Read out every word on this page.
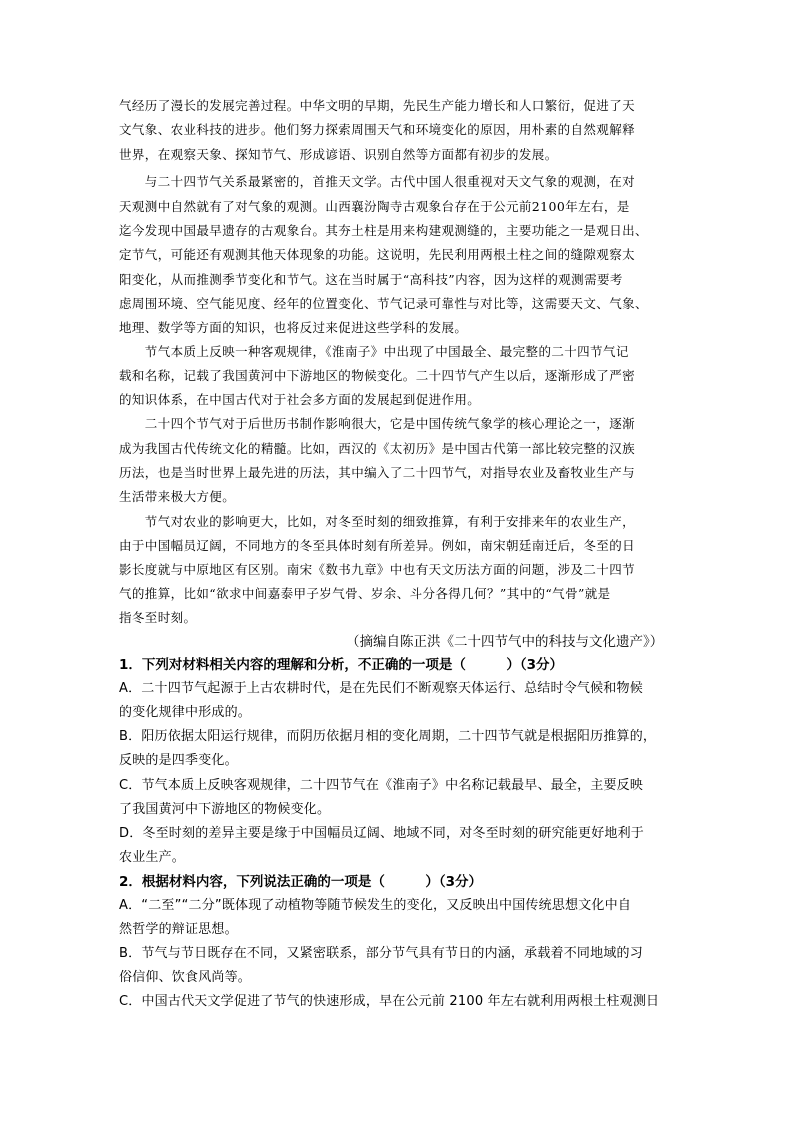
气经历了漫长的发展完善过程。中华文明的早期，先民生产能力增长和人口繁衍，促进了天
文气象、农业科技的进步。他们努力探索周围天气和环境变化的原因，用朴素的自然观解释
世界，在观察天象、探知节气、形成谚语、识别自然等方面都有初步的发展。
　　与二十四节气关系最紧密的，首推天文学。古代中国人很重视对天文气象的观测，在对
天观测中自然就有了对气象的观测。山西襄汾陶寺古观象台存在于公元前2100年左右，是
迄今发现中国最早遗存的古观象台。其夯土柱是用来构建观测缝的，主要功能之一是观日出、
定节气，可能还有观测其他天体现象的功能。这说明，先民利用两根土柱之间的缝隙观察太
阳变化，从而推测季节变化和节气。这在当时属于“高科技”内容，因为这样的观测需要考
虑周围环境、空气能见度、经年的位置变化、节气记录可靠性与对比等，这需要天文、气象、
地理、数学等方面的知识，也将反过来促进这些学科的发展。
　　节气本质上反映一种客观规律，《淮南子》中出现了中国最全、最完整的二十四节气记
载和名称，记载了我国黄河中下游地区的物候变化。二十四节气产生以后，逐渐形成了严密
的知识体系，在中国古代对于社会多方面的发展起到促进作用。
　　二十四个节气对于后世历书制作影响很大，它是中国传统气象学的核心理论之一，逐渐
成为我国古代传统文化的精髓。比如，西汉的《太初历》是中国古代第一部比较完整的汉族
历法，也是当时世界上最先进的历法，其中编入了二十四节气，对指导农业及畜牧业生产与
生活带来极大方便。
　　节气对农业的影响更大，比如，对冬至时刻的细致推算，有利于安排来年的农业生产，
由于中国幅员辽阔，不同地方的冬至具体时刻有所差异。例如，南宋朝廷南迁后，冬至的日
影长度就与中原地区有区别。南宋《数书九章》中也有天文历法方面的问题，涉及二十四节
气的推算，比如“欲求中间嘉泰甲子岁气骨、岁余、斗分各得几何？”其中的“气骨”就是
指冬至时刻。
（摘编自陈正洪《二十四节气中的科技与文化遗产》）
1．下列对材料相关内容的理解和分析，不正确的一项是（　　　）（3分）
A．二十四节气起源于上古农耕时代，是在先民们不断观察天体运行、总结时令气候和物候
的变化规律中形成的。
B．阳历依据太阳运行规律，而阴历依据月相的变化周期，二十四节气就是根据阳历推算的，
反映的是四季变化。
C．节气本质上反映客观规律，二十四节气在《淮南子》中名称记载最早、最全，主要反映
了我国黄河中下游地区的物候变化。
D．冬至时刻的差异主要是缘于中国幅员辽阔、地域不同，对冬至时刻的研究能更好地利于
农业生产。
2．根据材料内容，下列说法正确的一项是（　　　）（3分）
A．“二至”“二分”既体现了动植物等随节候发生的变化，又反映出中国传统思想文化中自
然哲学的辩证思想。
B．节气与节日既存在不同，又紧密联系，部分节气具有节日的内涵，承载着不同地域的习
俗信仰、饮食风尚等。
C．中国古代天文学促进了节气的快速形成，早在公元前 2100 年左右就利用两根土柱观测日
